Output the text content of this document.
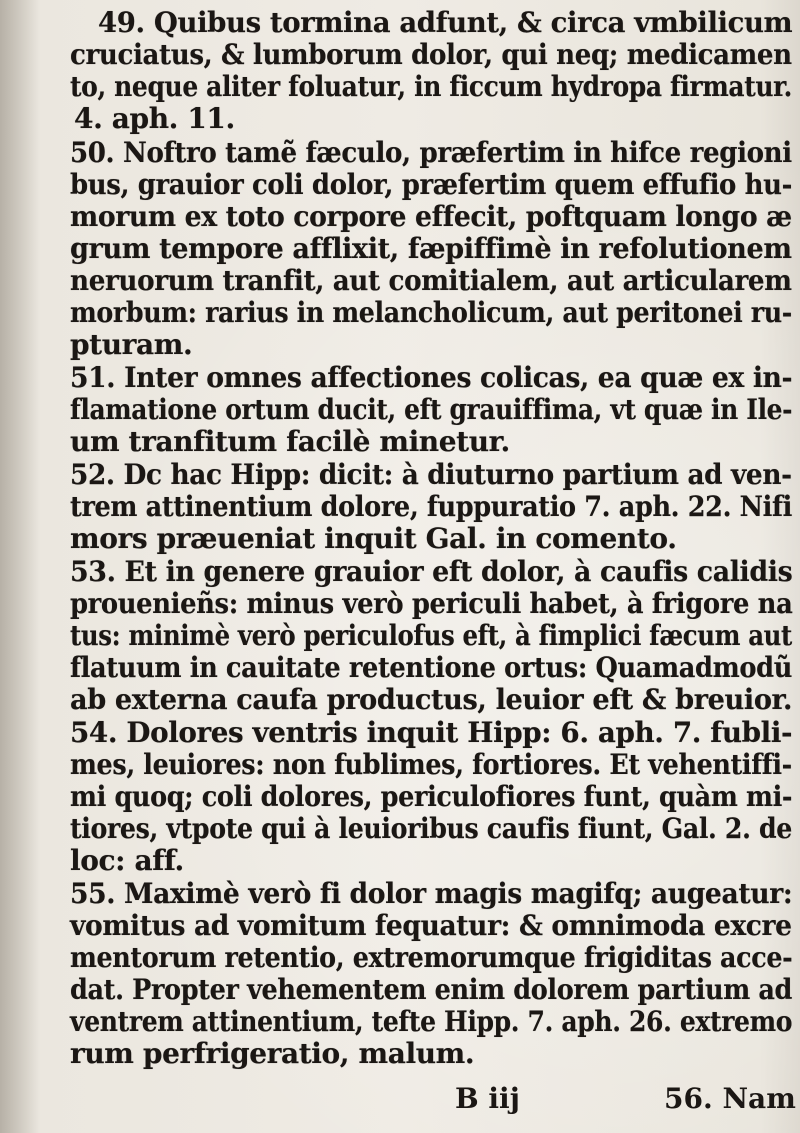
49. Quibus tormina adfunt, & circa vmbilicum
cruciatus, & lumborum dolor, qui neq; medicamen
to, neque aliter foluatur, in ficcum hydropa firmatur.
4. aph. 11.
50. Noftro tamẽ fæculo, præfertim in hifce regioni
bus, grauior coli dolor, præfertim quem effufio hu-
morum ex toto corpore effecit, poftquam longo æ
grum tempore afflixit, fæpiffimè in refolutionem
neruorum tranfit, aut comitialem, aut articularem
morbum: rarius in melancholicum, aut peritonei ru-
pturam.
51. Inter omnes affectiones colicas, ea quæ ex in-
flamatione ortum ducit, eft grauiffima, vt quæ in Ile-
um tranfitum facilè minetur.
52. Dc hac Hipp: dicit: à diuturno partium ad ven-
trem attinentium dolore, fuppuratio 7. aph. 22. Nifi
mors præueniat inquit Gal. in comento.
53. Et in genere grauior eft dolor, à caufis calidis
prouenieñs: minus verò periculi habet, à frigore na
tus: minimè verò periculofus eft, à fimplici fæcum aut
flatuum in cauitate retentione ortus: Quamadmodũ
ab externa caufa productus, leuior eft & breuior.
54. Dolores ventris inquit Hipp: 6. aph. 7. fubli-
mes, leuiores: non fublimes, fortiores. Et vehentiffi-
mi quoq; coli dolores, periculofiores funt, quàm mi-
tiores, vtpote qui à leuioribus caufis fiunt, Gal. 2. de
loc: aff.
55. Maximè verò fi dolor magis magifq; augeatur:
vomitus ad vomitum fequatur: & omnimoda excre
mentorum retentio, extremorumque frigiditas acce-
dat. Propter vehementem enim dolorem partium ad
ventrem attinentium, tefte Hipp. 7. aph. 26. extremo
rum perfrigeratio, malum.
B iij	56. Nam
